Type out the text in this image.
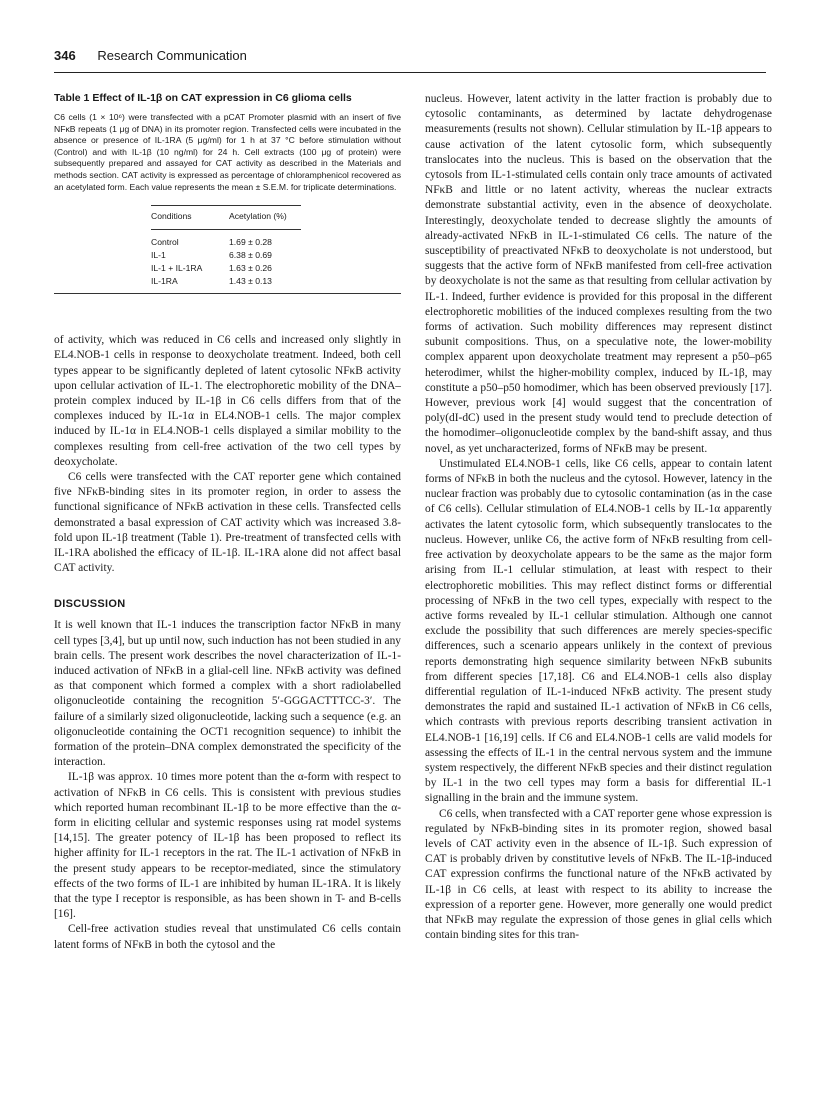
346 Research Communication

Table 1 Effect of IL-1β on CAT expression in C6 glioma cells

C6 cells (1 × 10⁶) were transfected with a pCAT Promoter plasmid with an insert of five NFκB repeats (1 μg of DNA) in its promoter region. Transfected cells were incubated in the absence or presence of IL-1RA (5 μg/ml) for 1 h at 37 °C before stimulation without (Control) and with IL-1β (10 ng/ml) for 24 h. Cell extracts (100 μg of protein) were subsequently prepared and assayed for CAT activity as described in the Materials and methods section. CAT activity is expressed as percentage of chloramphenicol recovered as an acetylated form. Each value represents the mean ± S.E.M. for triplicate determinations.

Conditions	Acetylation (%)
Control	1.69 ± 0.28
IL-1	6.38 ± 0.69
IL-1 + IL-1RA	1.63 ± 0.26
IL-1RA	1.43 ± 0.13

of activity, which was reduced in C6 cells and increased only slightly in EL4.NOB-1 cells in response to deoxycholate treatment. Indeed, both cell types appear to be significantly depleted of latent cytosolic NFκB activity upon cellular activation of IL-1. The electrophoretic mobility of the DNA–protein complex induced by IL-1β in C6 cells differs from that of the complexes induced by IL-1α in EL4.NOB-1 cells. The major complex induced by IL-1α in EL4.NOB-1 cells displayed a similar mobility to the complexes resulting from cell-free activation of the two cell types by deoxycholate.

C6 cells were transfected with the CAT reporter gene which contained five NFκB-binding sites in its promoter region, in order to assess the functional significance of NFκB activation in these cells. Transfected cells demonstrated a basal expression of CAT activity which was increased 3.8-fold upon IL-1β treatment (Table 1). Pre-treatment of transfected cells with IL-1RA abolished the efficacy of IL-1β. IL-1RA alone did not affect basal CAT activity.

DISCUSSION

It is well known that IL-1 induces the transcription factor NFκB in many cell types [3,4], but up until now, such induction has not been studied in any brain cells. The present work describes the novel characterization of IL-1-induced activation of NFκB in a glial-cell line. NFκB activity was defined as that component which formed a complex with a short radiolabelled oligonucleotide containing the recognition 5′-GGGACTTTCC-3′. The failure of a similarly sized oligonucleotide, lacking such a sequence (e.g. an oligonucleotide containing the OCT1 recognition sequence) to inhibit the formation of the protein–DNA complex demonstrated the specificity of the interaction.

IL-1β was approx. 10 times more potent than the α-form with respect to activation of NFκB in C6 cells. This is consistent with previous studies which reported human recombinant IL-1β to be more effective than the α-form in eliciting cellular and systemic responses using rat model systems [14,15]. The greater potency of IL-1β has been proposed to reflect its higher affinity for IL-1 receptors in the rat. The IL-1 activation of NFκB in the present study appears to be receptor-mediated, since the stimulatory effects of the two forms of IL-1 are inhibited by human IL-1RA. It is likely that the type I receptor is responsible, as has been shown in T- and B-cells [16].

Cell-free activation studies reveal that unstimulated C6 cells contain latent forms of NFκB in both the cytosol and the

nucleus. However, latent activity in the latter fraction is probably due to cytosolic contaminants, as determined by lactate dehydrogenase measurements (results not shown). Cellular stimulation by IL-1β appears to cause activation of the latent cytosolic form, which subsequently translocates into the nucleus. This is based on the observation that the cytosols from IL-1-stimulated cells contain only trace amounts of activated NFκB and little or no latent activity, whereas the nuclear extracts demonstrate substantial activity, even in the absence of deoxycholate. Interestingly, deoxycholate tended to decrease slightly the amounts of already-activated NFκB in IL-1-stimulated C6 cells. The nature of the susceptibility of preactivated NFκB to deoxycholate is not understood, but suggests that the active form of NFκB manifested from cell-free activation by deoxycholate is not the same as that resulting from cellular activation by IL-1. Indeed, further evidence is provided for this proposal in the different electrophoretic mobilities of the induced complexes resulting from the two forms of activation. Such mobility differences may represent distinct subunit compositions. Thus, on a speculative note, the lower-mobility complex apparent upon deoxycholate treatment may represent a p50–p65 heterodimer, whilst the higher-mobility complex, induced by IL-1β, may constitute a p50–p50 homodimer, which has been observed previously [17]. However, previous work [4] would suggest that the concentration of poly(dI-dC) used in the present study would tend to preclude detection of the homodimer–oligonucleotide complex by the band-shift assay, and thus novel, as yet uncharacterized, forms of NFκB may be present.

Unstimulated EL4.NOB-1 cells, like C6 cells, appear to contain latent forms of NFκB in both the nucleus and the cytosol. However, latency in the nuclear fraction was probably due to cytosolic contamination (as in the case of C6 cells). Cellular stimulation of EL4.NOB-1 cells by IL-1α apparently activates the latent cytosolic form, which subsequently translocates to the nucleus. However, unlike C6, the active form of NFκB resulting from cell-free activation by deoxycholate appears to be the same as the major form arising from IL-1 cellular stimulation, at least with respect to their electrophoretic mobilities. This may reflect distinct forms or differential processing of NFκB in the two cell types, expecially with respect to the active forms revealed by IL-1 cellular stimulation. Although one cannot exclude the possibility that such differences are merely species-specific differences, such a scenario appears unlikely in the context of previous reports demonstrating high sequence similarity between NFκB subunits from different species [17,18]. C6 and EL4.NOB-1 cells also display differential regulation of IL-1-induced NFκB activity. The present study demonstrates the rapid and sustained IL-1 activation of NFκB in C6 cells, which contrasts with previous reports describing transient activation in EL4.NOB-1 [16,19] cells. If C6 and EL4.NOB-1 cells are valid models for assessing the effects of IL-1 in the central nervous system and the immune system respectively, the different NFκB species and their distinct regulation by IL-1 in the two cell types may form a basis for differential IL-1 signalling in the brain and the immune system.

C6 cells, when transfected with a CAT reporter gene whose expression is regulated by NFκB-binding sites in its promoter region, showed basal levels of CAT activity even in the absence of IL-1β. Such expression of CAT is probably driven by constitutive levels of NFκB. The IL-1β-induced CAT expression confirms the functional nature of the NFκB activated by IL-1β in C6 cells, at least with respect to its ability to increase the expression of a reporter gene. However, more generally one would predict that NFκB may regulate the expression of those genes in glial cells which contain binding sites for this tran-
